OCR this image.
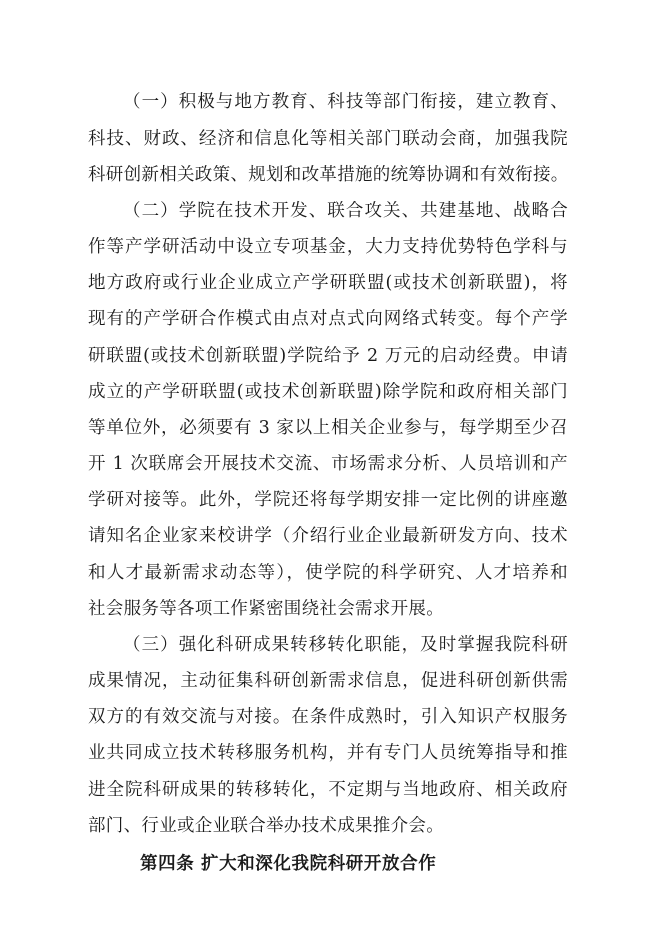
（一）积极与地方教育、科技等部门衔接，建立教育、
科技、财政、经济和信息化等相关部门联动会商，加强我院
科研创新相关政策、规划和改革措施的统筹协调和有效衔接。
（二）学院在技术开发、联合攻关、共建基地、战略合
作等产学研活动中设立专项基金，大力支持优势特色学科与
地方政府或行业企业成立产学研联盟(或技术创新联盟)，将
现有的产学研合作模式由点对点式向网络式转变。每个产学
研联盟(或技术创新联盟)学院给予 2 万元的启动经费。申请
成立的产学研联盟(或技术创新联盟)除学院和政府相关部门
等单位外，必须要有 3 家以上相关企业参与，每学期至少召
开 1 次联席会开展技术交流、市场需求分析、人员培训和产
学研对接等。此外，学院还将每学期安排一定比例的讲座邀
请知名企业家来校讲学（介绍行业企业最新研发方向、技术
和人才最新需求动态等），使学院的科学研究、人才培养和
社会服务等各项工作紧密围绕社会需求开展。
（三）强化科研成果转移转化职能，及时掌握我院科研
成果情况，主动征集科研创新需求信息，促进科研创新供需
双方的有效交流与对接。在条件成熟时，引入知识产权服务
业共同成立技术转移服务机构，并有专门人员统筹指导和推
进全院科研成果的转移转化，不定期与当地政府、相关政府
部门、行业或企业联合举办技术成果推介会。
第四条 扩大和深化我院科研开放合作
